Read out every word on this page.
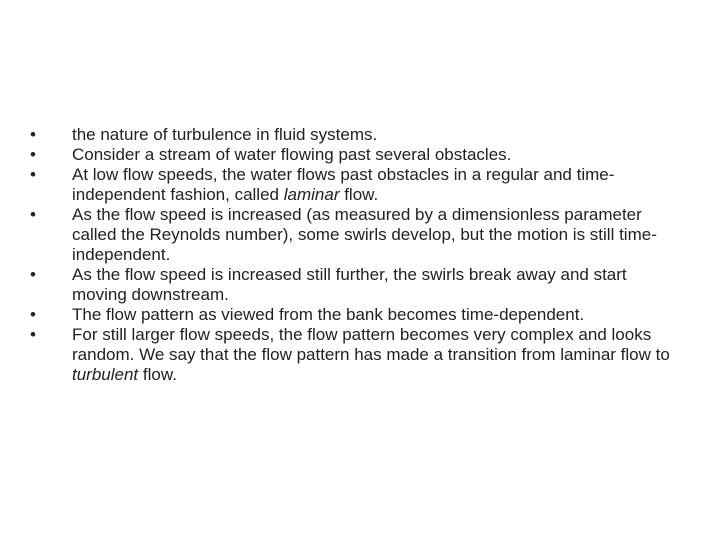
• the nature of turbulence in fluid systems.
• Consider a stream of water flowing past several obstacles.
• At low flow speeds, the water flows past obstacles in a regular and time-independent fashion, called laminar flow.
• As the flow speed is increased (as measured by a dimensionless parameter called the Reynolds number), some swirls develop, but the motion is still time-independent.
• As the flow speed is increased still further, the swirls break away and start moving downstream.
• The flow pattern as viewed from the bank becomes time-dependent.
• For still larger flow speeds, the flow pattern becomes very complex and looks random. We say that the flow pattern has made a transition from laminar flow to turbulent flow.
